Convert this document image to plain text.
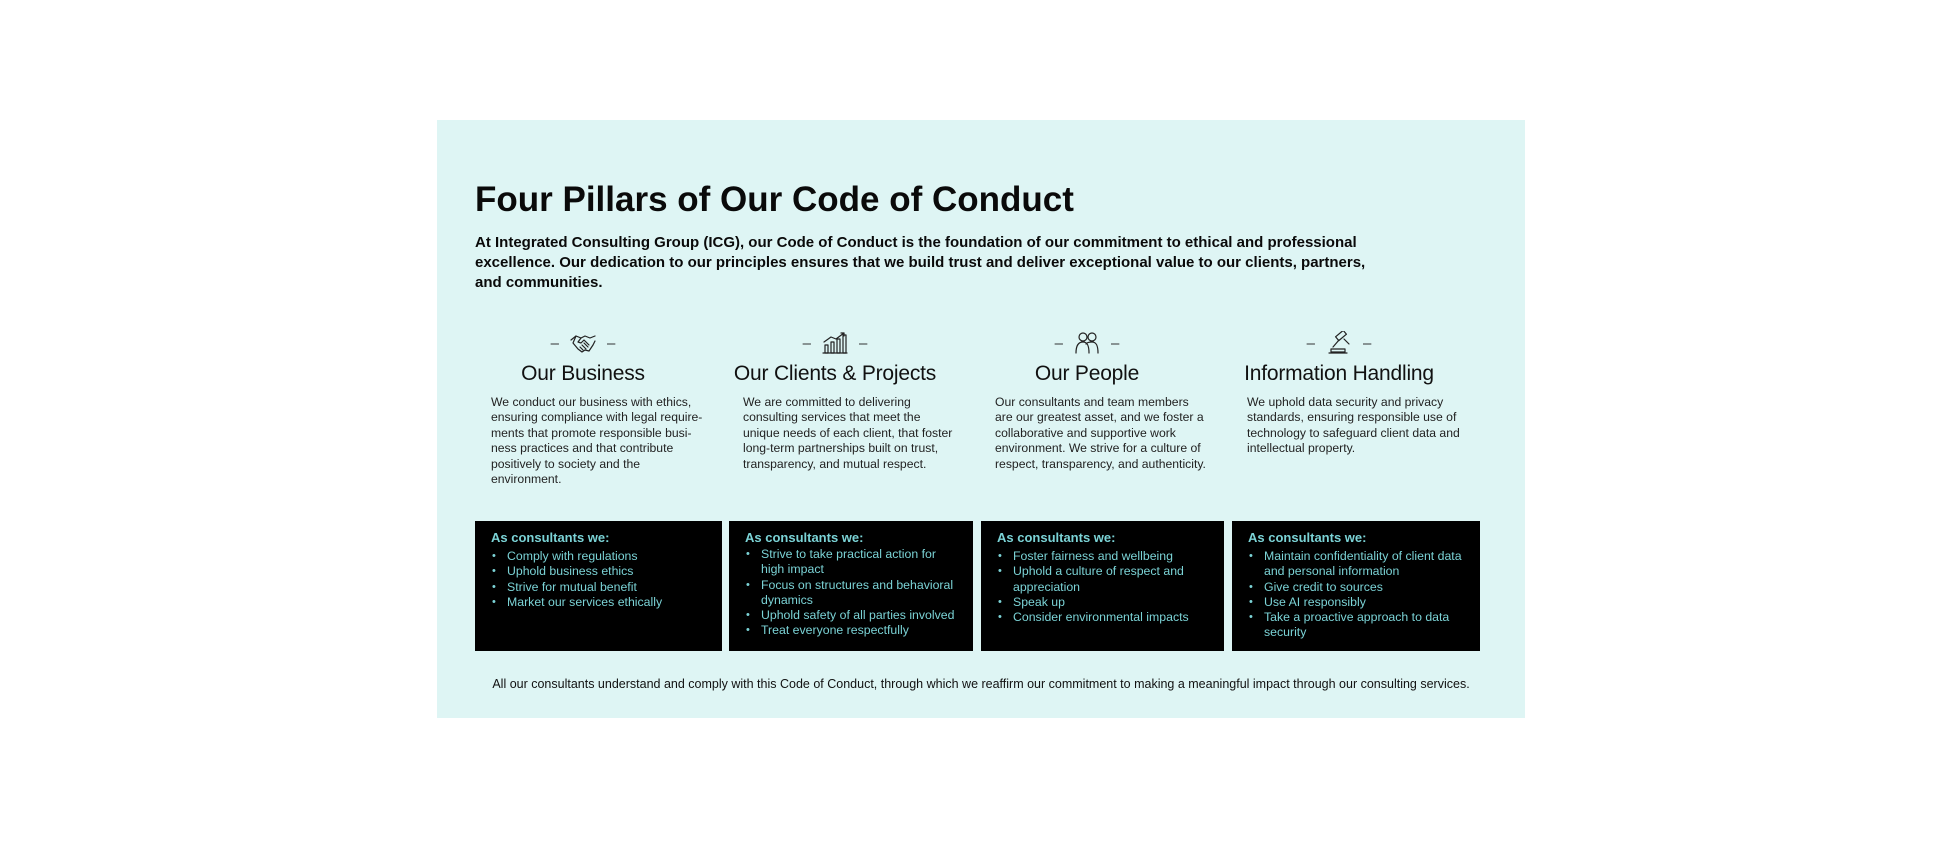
Four Pillars of Our Code of Conduct

At Integrated Consulting Group (ICG), our Code of Conduct is the foundation of our commitment to ethical and professional excellence. Our dedication to our principles ensures that we build trust and deliver exceptional value to our clients, partners, and communities.

–	–
Our Business

We conduct our business with ethics, ensuring compliance with legal require-ments that promote responsible busi-ness practices and that contribute positively to society and the environment.

–	–
Our Clients & Projects

We are committed to delivering consulting services that meet the unique needs of each client, that foster long-term partnerships built on trust, transparency, and mutual respect.

–	–
Our People

Our consultants and team members are our greatest asset, and we foster a collaborative and supportive work environment. We strive for a culture of respect, transparency, and authenticity.

–	–
Information Handling

We uphold data security and privacy standards, ensuring responsible use of technology to safeguard client data and intellectual property.

As consultants we:
• Comply with regulations
• Uphold business ethics
• Strive for mutual benefit
• Market our services ethically
As consultants we:
• Strive to take practical action for high impact
• Focus on structures and behavioral dynamics
• Uphold safety of all parties involved
• Treat everyone respectfully
As consultants we:
• Foster fairness and wellbeing
• Uphold a culture of respect and appreciation
• Speak up
• Consider environmental impacts
As consultants we:
• Maintain confidentiality of client data and personal information
• Give credit to sources
• Use AI responsibly
• Take a proactive approach to data security

All our consultants understand and comply with this Code of Conduct, through which we reaffirm our commitment to making a meaningful impact through our consulting services.
